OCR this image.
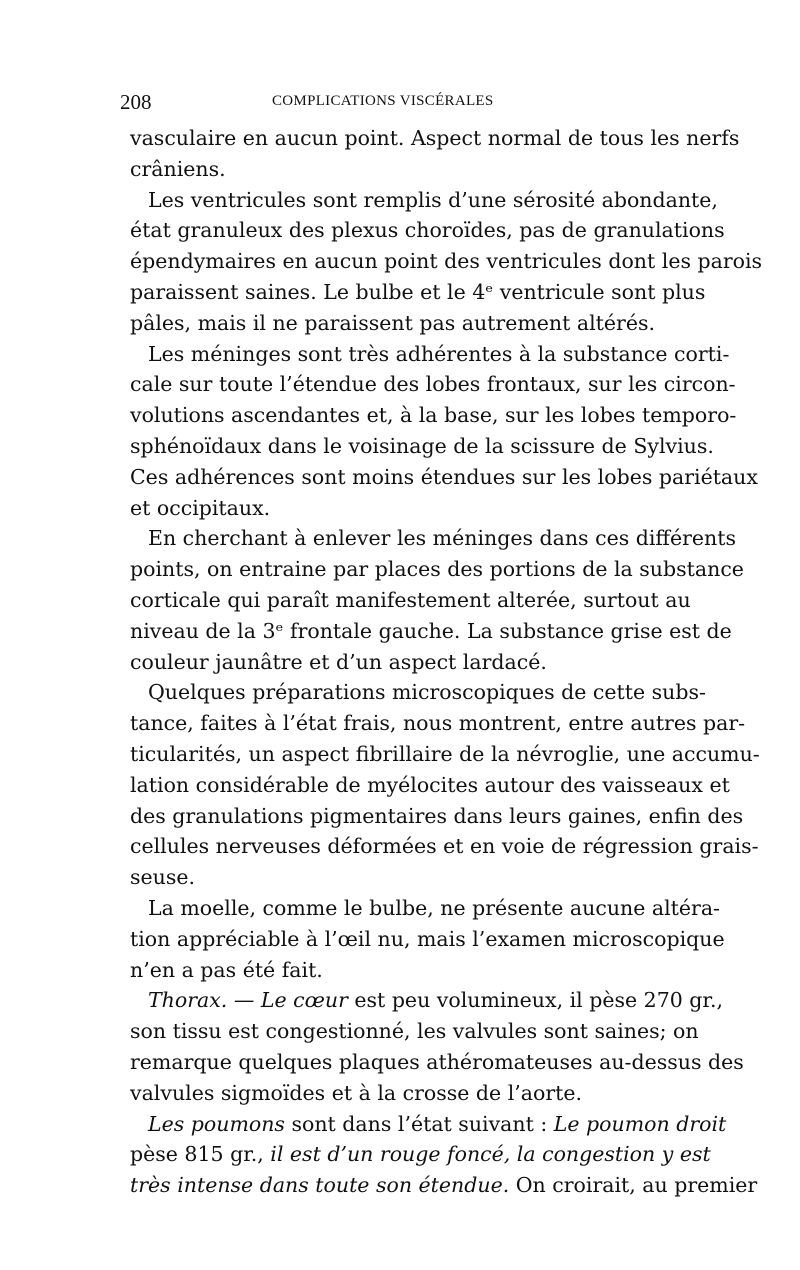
208	COMPLICATIONS VISCÉRALES
vasculaire en aucun point. Aspect normal de tous les nerfs
crâniens.
Les ventricules sont remplis d’une sérosité abondante,
état granuleux des plexus choroïdes, pas de granulations
épendymaires en aucun point des ventricules dont les parois
paraissent saines. Le bulbe et le 4ᵉ ventricule sont plus
pâles, mais il ne paraissent pas autrement altérés.
Les méninges sont très adhérentes à la substance corti-
cale sur toute l’étendue des lobes frontaux, sur les circon-
volutions ascendantes et, à la base, sur les lobes temporo-
sphénoïdaux dans le voisinage de la scissure de Sylvius.
Ces adhérences sont moins étendues sur les lobes pariétaux
et occipitaux.
En cherchant à enlever les méninges dans ces différents
points, on entraine par places des portions de la substance
corticale qui paraît manifestement alterée, surtout au
niveau de la 3ᵉ frontale gauche. La substance grise est de
couleur jaunâtre et d’un aspect lardacé.
Quelques préparations microscopiques de cette subs-
tance, faites à l’état frais, nous montrent, entre autres par-
ticularités, un aspect fibrillaire de la névroglie, une accumu-
lation considérable de myélocites autour des vaisseaux et
des granulations pigmentaires dans leurs gaines, enfin des
cellules nerveuses déformées et en voie de régression grais-
seuse.
La moelle, comme le bulbe, ne présente aucune altéra-
tion appréciable à l’œil nu, mais l’examen microscopique
n’en a pas été fait.
Thorax. — Le cœur est peu volumineux, il pèse 270 gr.,
son tissu est congestionné, les valvules sont saines; on
remarque quelques plaques athéromateuses au-dessus des
valvules sigmoïdes et à la crosse de l’aorte.
Les poumons sont dans l’état suivant : Le poumon droit
pèse 815 gr., il est d’un rouge foncé, la congestion y est
très intense dans toute son étendue. On croirait, au premier
